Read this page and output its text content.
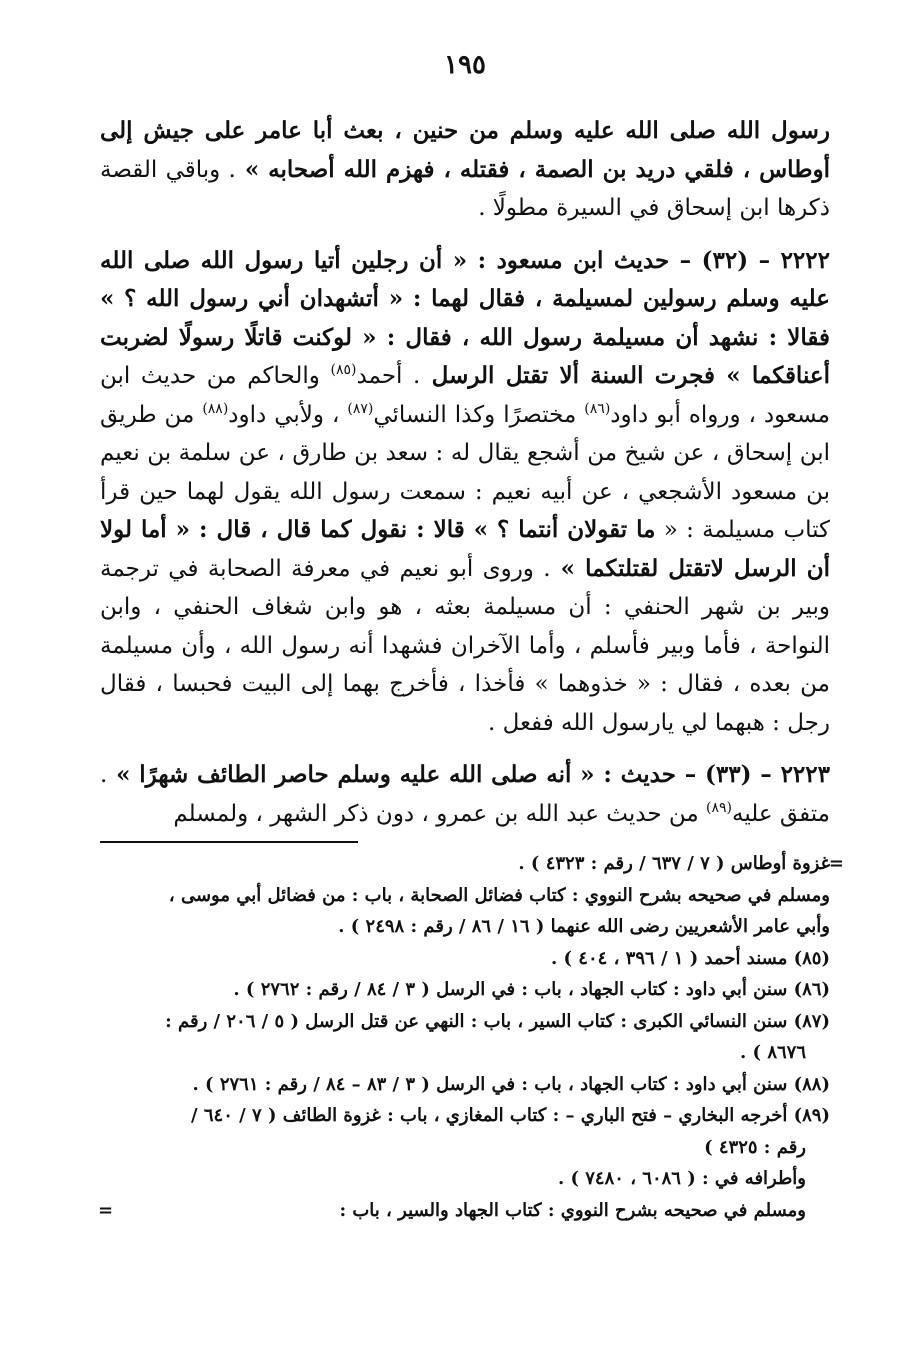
١٩٥

رسول الله صلى الله عليه وسلم من حنين ، بعث أبا عامر على جيش إلى أوطاس ، فلقي دريد بن الصمة ، فقتله ، فهزم الله أصحابه » . وباقي القصة ذكرها ابن إسحاق في السيرة مطولًا .

٢٢٢٢ – (٣٢) – حديث ابن مسعود : « أن رجلين أتيا رسول الله صلى الله عليه وسلم رسولين لمسيلمة ، فقال لهما : « أتشهدان أني رسول الله ؟ » فقالا : نشهد أن مسيلمة رسول الله ، فقال : « لوكنت قاتلًا رسولًا لضربت أعناقكما » فجرت السنة ألا تقتل الرسل . أحمد$^{(٨٥)}$ والحاكم من حديث ابن مسعود ، ورواه أبو داود$^{(٨٦)}$ مختصرًا وكذا النسائي$^{(٨٧)}$ ، ولأبي داود$^{(٨٨)}$ من طريق ابن إسحاق ، عن شيخ من أشجع يقال له : سعد بن طارق ، عن سلمة بن نعيم بن مسعود الأشجعي ، عن أبيه نعيم : سمعت رسول الله يقول لهما حين قرأ كتاب مسيلمة : « ما تقولان أنتما ؟ » قالا : نقول كما قال ، قال : « أما لولا أن الرسل لاتقتل لقتلتكما » . وروى أبو نعيم في معرفة الصحابة في ترجمة وبير بن شهر الحنفي : أن مسيلمة بعثه ، هو وابن شغاف الحنفي ، وابن النواحة ، فأما وبير فأسلم ، وأما الآخران فشهدا أنه رسول الله ، وأن مسيلمة من بعده ، فقال : « خذوهما » فأخذا ، فأخرج بهما إلى البيت فحبسا ، فقال رجل : هبهما لي يارسول الله ففعل .

٢٢٢٣ – (٣٣) – حديث : « أنه صلى الله عليه وسلم حاصر الطائف شهرًا » . متفق عليه$^{(٨٩)}$ من حديث عبد الله بن عمرو ، دون ذكر الشهر ، ولمسلم

=
غزوة أوطاس ( ٧ / ٦٣٧ / رقم : ٤٣٢٣ ) .

ومسلم في صحيحه بشرح النووي : كتاب فضائل الصحابة ، باب : من فضائل أبي موسى ،

وأبي عامر الأشعريين رضى الله عنهما ( ١٦ / ٨٦ / رقم : ٢٤٩٨ ) .

(٨٥) مسند أحمد ( ١ / ٣٩٦ ، ٤٠٤ ) .

(٨٦) سنن أبي داود : كتاب الجهاد ، باب : في الرسل ( ٣ / ٨٤ / رقم : ٢٧٦٢ ) .

(٨٧) سنن النسائي الكبرى : كتاب السير ، باب : النهي عن قتل الرسل ( ٥ / ٢٠٦ / رقم :

٨٦٧٦ ) .

(٨٨) سنن أبي داود : كتاب الجهاد ، باب : في الرسل ( ٣ / ٨٣ – ٨٤ / رقم : ٢٧٦١ ) .

(٨٩) أخرجه البخاري – فتح الباري – : كتاب المغازي ، باب : غزوة الطائف ( ٧ / ٦٤٠ /

رقم : ٤٣٢٥ )

وأطرافه في : ( ٦٠٨٦ ، ٧٤٨٠ ) .

ومسلم في صحيحه بشرح النووي : كتاب الجهاد والسير ، باب :
=
